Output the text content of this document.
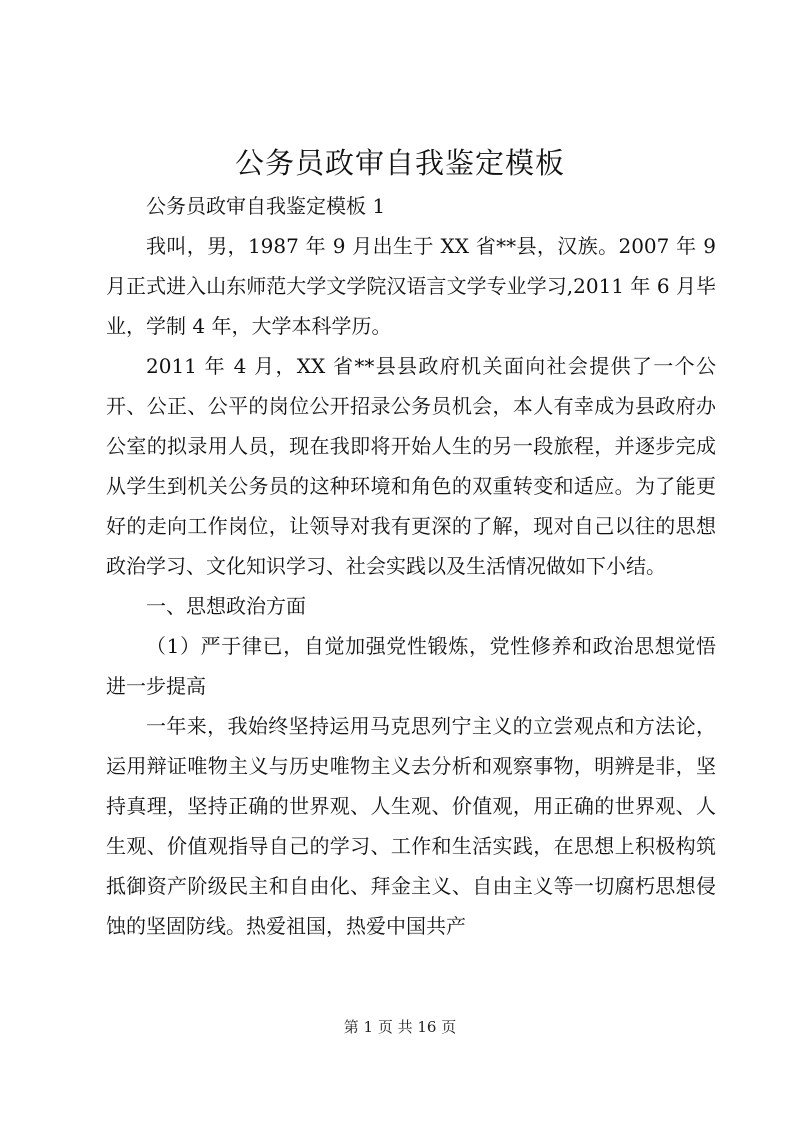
公务员政审自我鉴定模板

公务员政审自我鉴定模板 1

我叫，男，1987 年 9 月出生于 XX 省**县，汉族。2007 年 9 月正式进入山东师范大学文学院汉语言文学专业学习,2011 年 6 月毕业，学制 4 年，大学本科学历。

2011 年 4 月，XX 省**县县政府机关面向社会提供了一个公开、公正、公平的岗位公开招录公务员机会，本人有幸成为县政府办公室的拟录用人员，现在我即将开始人生的另一段旅程，并逐步完成从学生到机关公务员的这种环境和角色的双重转变和适应。为了能更好的走向工作岗位，让领导对我有更深的了解，现对自己以往的思想政治学习、文化知识学习、社会实践以及生活情况做如下小结。

一、思想政治方面

（1）严于律已，自觉加强党性锻炼，党性修养和政治思想觉悟进一步提高

一年来，我始终坚持运用马克思列宁主义的立尝观点和方法论，运用辩证唯物主义与历史唯物主义去分析和观察事物，明辨是非，坚持真理，坚持正确的世界观、人生观、价值观，用正确的世界观、人生观、价值观指导自己的学习、工作和生活实践，在思想上积极构筑抵御资产阶级民主和自由化、拜金主义、自由主义等一切腐朽思想侵蚀的坚固防线。热爱祖国，热爱中国共产

第 1 页 共 16 页
